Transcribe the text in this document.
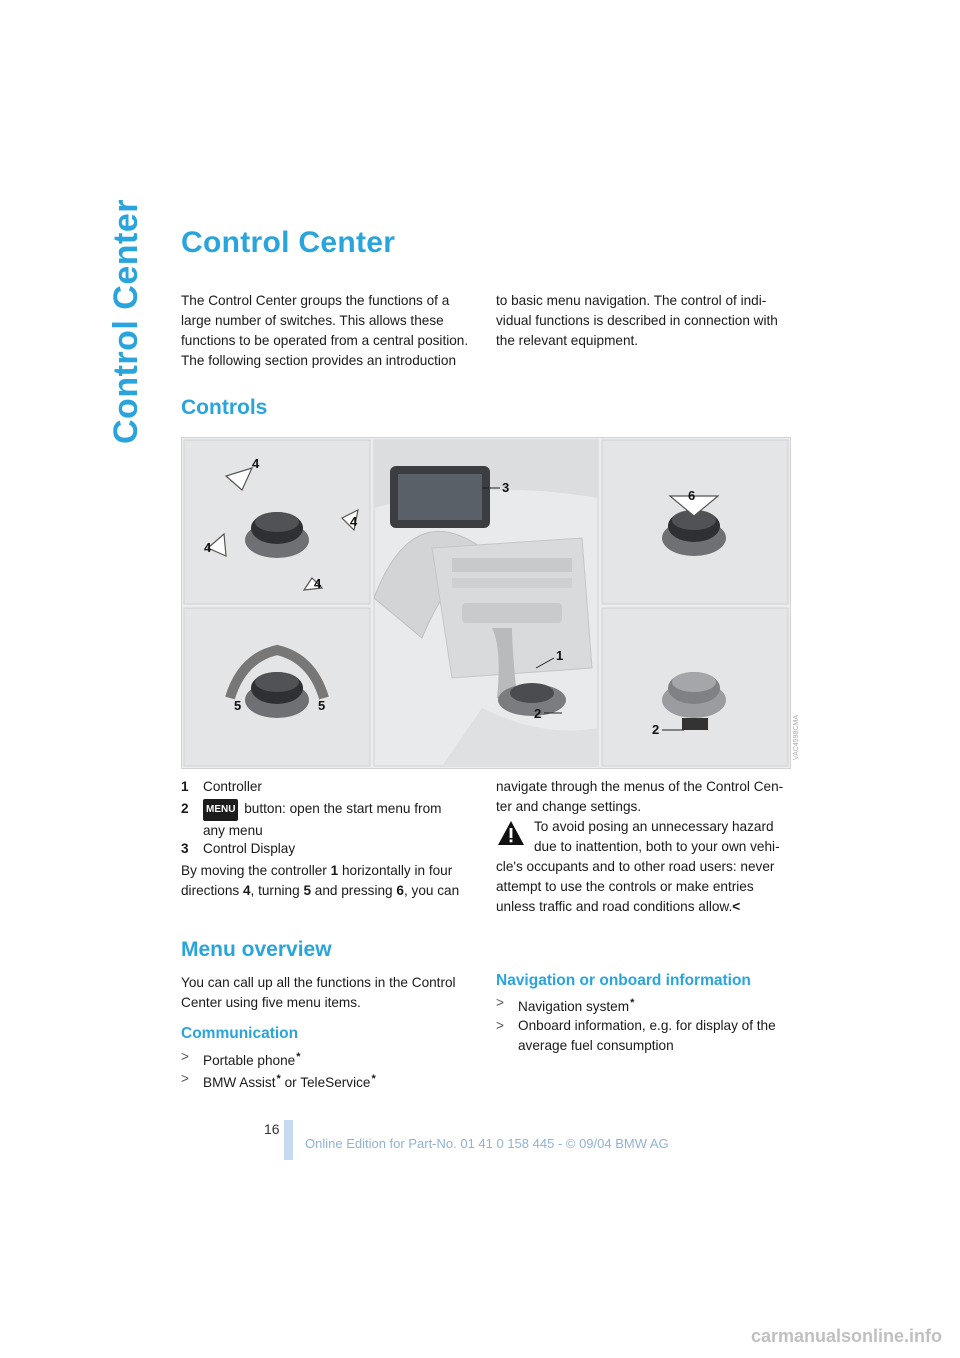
Control Center Control Center

The Control Center groups the functions of a large number of switches. This allows these functions to be operated from a central position. The following section provides an introduction

to basic menu navigation. The control of indi-vidual functions is described in connection with the relevant equipment.

Controls
4
4
4
4
5	5
3
1
2
6
2	VAC4598CMA
1 Controller
2 MENU button: open the start menu from
any menu
3 Control Display
By moving the controller 1 horizontally in four
directions 4, turning 5 and pressing 6, you can

navigate through the menus of the Control Cen-ter and change settings.

To avoid posing an unnecessary hazard
due to inattention, both to your own vehi-
cle's occupants and to other road users: never attempt to use the controls or make entries unless traffic and road conditions allow.<
Menu overview

You can call up all the functions in the Control Center using five menu items.

Communication
> Portable phone*
> BMW Assist* or TeleService*
Navigation or onboard information
> Navigation system*
> Onboard information, e.g. for display of the average fuel consumption
16
Online Edition for Part-No. 01 41 0 158 445 - © 09/04 BMW AG
carmanualsonline.info
